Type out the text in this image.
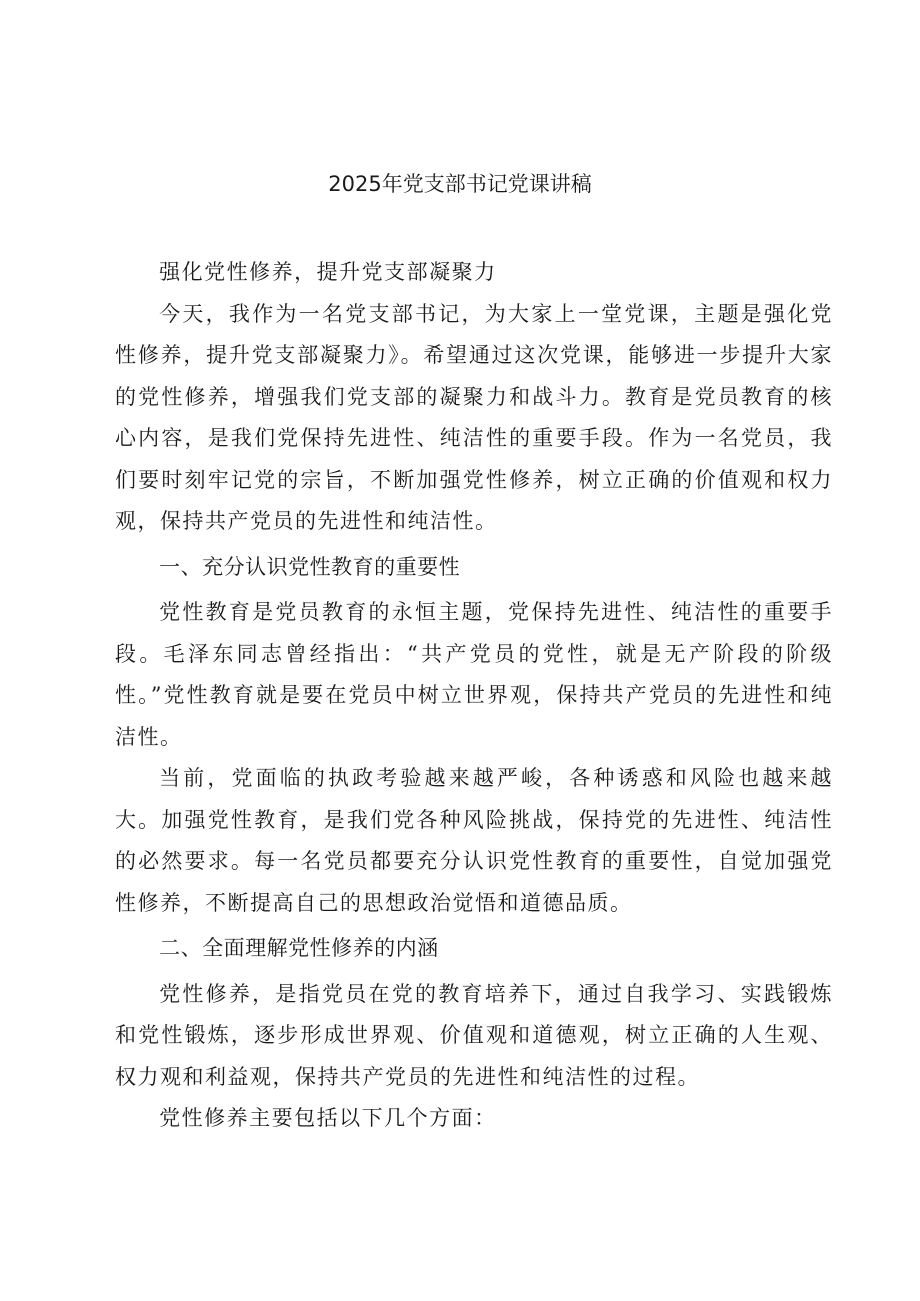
2025年党支部书记党课讲稿

强化党性修养，提升党支部凝聚力

今天，我作为一名党支部书记，为大家上一堂党课，主题是强化党性修养，提升党支部凝聚力》。希望通过这次党课，能够进一步提升大家的党性修养，增强我们党支部的凝聚力和战斗力。教育是党员教育的核心内容，是我们党保持先进性、纯洁性的重要手段。作为一名党员，我们要时刻牢记党的宗旨，不断加强党性修养，树立正确的价值观和权力观，保持共产党员的先进性和纯洁性。

一、充分认识党性教育的重要性

党性教育是党员教育的永恒主题，党保持先进性、纯洁性的重要手段。毛泽东同志曾经指出：“共产党员的党性，就是无产阶段的阶级性。”党性教育就是要在党员中树立世界观，保持共产党员的先进性和纯洁性。

当前，党面临的执政考验越来越严峻，各种诱惑和风险也越来越大。加强党性教育，是我们党各种风险挑战，保持党的先进性、纯洁性的必然要求。每一名党员都要充分认识党性教育的重要性，自觉加强党性修养，不断提高自己的思想政治觉悟和道德品质。

二、全面理解党性修养的内涵

党性修养，是指党员在党的教育培养下，通过自我学习、实践锻炼和党性锻炼，逐步形成世界观、价值观和道德观，树立正确的人生观、权力观和利益观，保持共产党员的先进性和纯洁性的过程。

党性修养主要包括以下几个方面：
